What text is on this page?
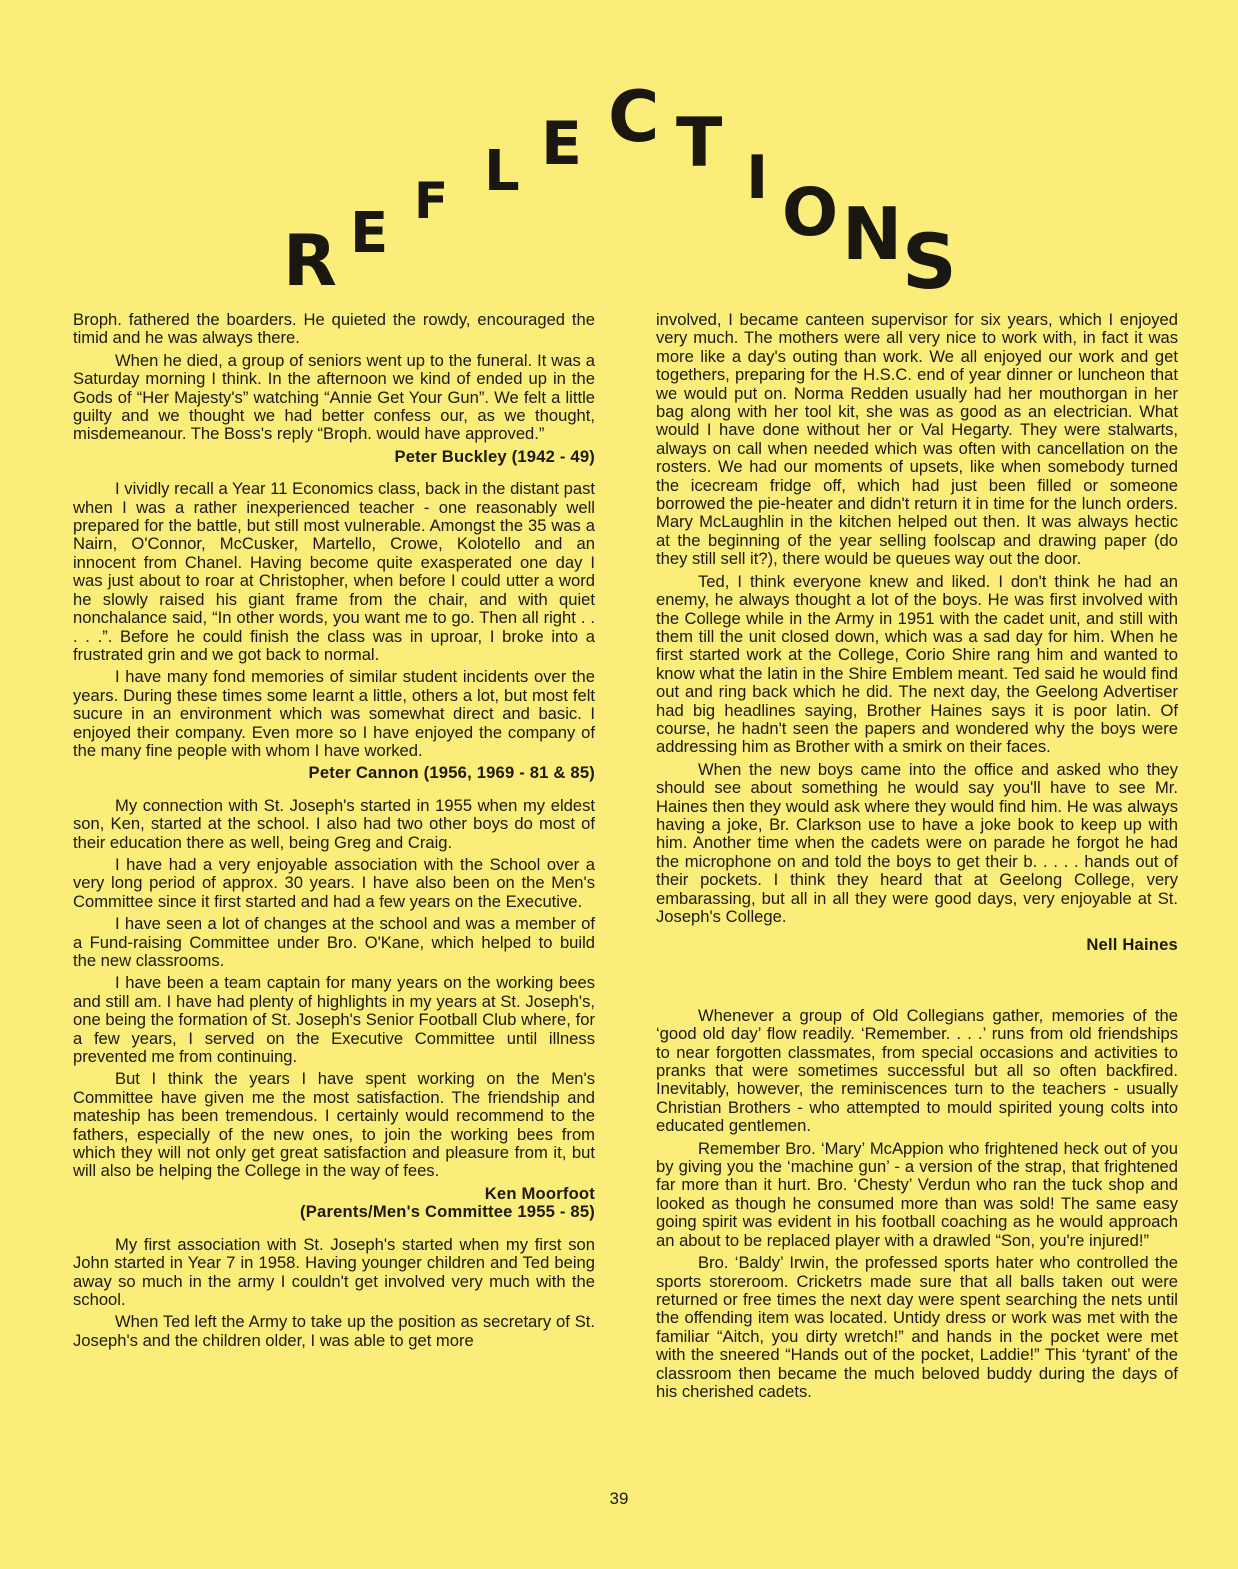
R E F L E C T I O N S

Broph. fathered the boarders. He quieted the rowdy, encouraged the timid and he was always there.

When he died, a group of seniors went up to the funeral. It was a Saturday morning I think. In the afternoon we kind of ended up in the Gods of “Her Majesty's” watching “Annie Get Your Gun”. We felt a little guilty and we thought we had better confess our, as we thought, misdemeanour. The Boss's reply “Broph. would have approved.”

Peter Buckley (1942 - 49)

I vividly recall a Year 11 Economics class, back in the distant past when I was a rather inexperienced teacher - one reasonably well prepared for the battle, but still most vulnerable. Amongst the 35 was a Nairn, O'Connor, McCusker, Martello, Crowe, Kolotello and an innocent from Chanel. Having become quite exasperated one day I was just about to roar at Christopher, when before I could utter a word he slowly raised his giant frame from the chair, and with quiet nonchalance said, “In other words, you want me to go. Then all right . . . . .”. Before he could finish the class was in uproar, I broke into a frustrated grin and we got back to normal.

I have many fond memories of similar student incidents over the years. During these times some learnt a little, others a lot, but most felt sucure in an environment which was somewhat direct and basic. I enjoyed their company. Even more so I have enjoyed the company of the many fine people with whom I have worked.

Peter Cannon (1956, 1969 - 81 & 85)

My connection with St. Joseph's started in 1955 when my eldest son, Ken, started at the school. I also had two other boys do most of their education there as well, being Greg and Craig.

I have had a very enjoyable association with the School over a very long period of approx. 30 years. I have also been on the Men's Committee since it first started and had a few years on the Executive.

I have seen a lot of changes at the school and was a member of a Fund-raising Committee under Bro. O'Kane, which helped to build the new classrooms.

I have been a team captain for many years on the working bees and still am. I have had plenty of highlights in my years at St. Joseph's, one being the formation of St. Joseph's Senior Football Club where, for a few years, I served on the Executive Committee until illness prevented me from continuing.

But I think the years I have spent working on the Men's Committee have given me the most satisfaction. The friendship and mateship has been tremendous. I certainly would recommend to the fathers, especially of the new ones, to join the working bees from which they will not only get great satisfaction and pleasure from it, but will also be helping the College in the way of fees.

Ken Moorfoot
(Parents/Men's Committee 1955 - 85)

My first association with St. Joseph's started when my first son John started in Year 7 in 1958. Having younger children and Ted being away so much in the army I couldn't get involved very much with the school.

When Ted left the Army to take up the position as secretary of St. Joseph's and the children older, I was able to get more

involved, I became canteen supervisor for six years, which I enjoyed very much. The mothers were all very nice to work with, in fact it was more like a day's outing than work. We all enjoyed our work and get togethers, preparing for the H.S.C. end of year dinner or luncheon that we would put on. Norma Redden usually had her mouthorgan in her bag along with her tool kit, she was as good as an electrician. What would I have done without her or Val Hegarty. They were stalwarts, always on call when needed which was often with cancellation on the rosters. We had our moments of upsets, like when somebody turned the icecream fridge off, which had just been filled or someone borrowed the pie-heater and didn't return it in time for the lunch orders. Mary McLaughlin in the kitchen helped out then. It was always hectic at the beginning of the year selling foolscap and drawing paper (do they still sell it?), there would be queues way out the door.

Ted, I think everyone knew and liked. I don't think he had an enemy, he always thought a lot of the boys. He was first involved with the College while in the Army in 1951 with the cadet unit, and still with them till the unit closed down, which was a sad day for him. When he first started work at the College, Corio Shire rang him and wanted to know what the latin in the Shire Emblem meant. Ted said he would find out and ring back which he did. The next day, the Geelong Advertiser had big headlines saying, Brother Haines says it is poor latin. Of course, he hadn't seen the papers and wondered why the boys were addressing him as Brother with a smirk on their faces.

When the new boys came into the office and asked who they should see about something he would say you'll have to see Mr. Haines then they would ask where they would find him. He was always having a joke, Br. Clarkson use to have a joke book to keep up with him. Another time when the cadets were on parade he forgot he had the microphone on and told the boys to get their b. . . . . hands out of their pockets. I think they heard that at Geelong College, very embarassing, but all in all they were good days, very enjoyable at St. Joseph's College.

Nell Haines

Whenever a group of Old Collegians gather, memories of the ‘good old day’ flow readily. ‘Remember. . . .’ runs from old friendships to near forgotten classmates, from special occasions and activities to pranks that were sometimes successful but all so often backfired. Inevitably, however, the reminiscences turn to the teachers - usually Christian Brothers - who attempted to mould spirited young colts into educated gentlemen.

Remember Bro. ‘Mary’ McAppion who frightened heck out of you by giving you the ‘machine gun’ - a version of the strap, that frightened far more than it hurt. Bro. ‘Chesty’ Verdun who ran the tuck shop and looked as though he consumed more than was sold! The same easy going spirit was evident in his football coaching as he would approach an about to be replaced player with a drawled “Son, you're injured!”

Bro. ‘Baldy’ Irwin, the professed sports hater who controlled the sports storeroom. Cricketrs made sure that all balls taken out were returned or free times the next day were spent searching the nets until the offending item was located. Untidy dress or work was met with the familiar “Aitch, you dirty wretch!” and hands in the pocket were met with the sneered “Hands out of the pocket, Laddie!” This ‘tyrant’ of the classroom then became the much beloved buddy during the days of his cherished cadets.

39
